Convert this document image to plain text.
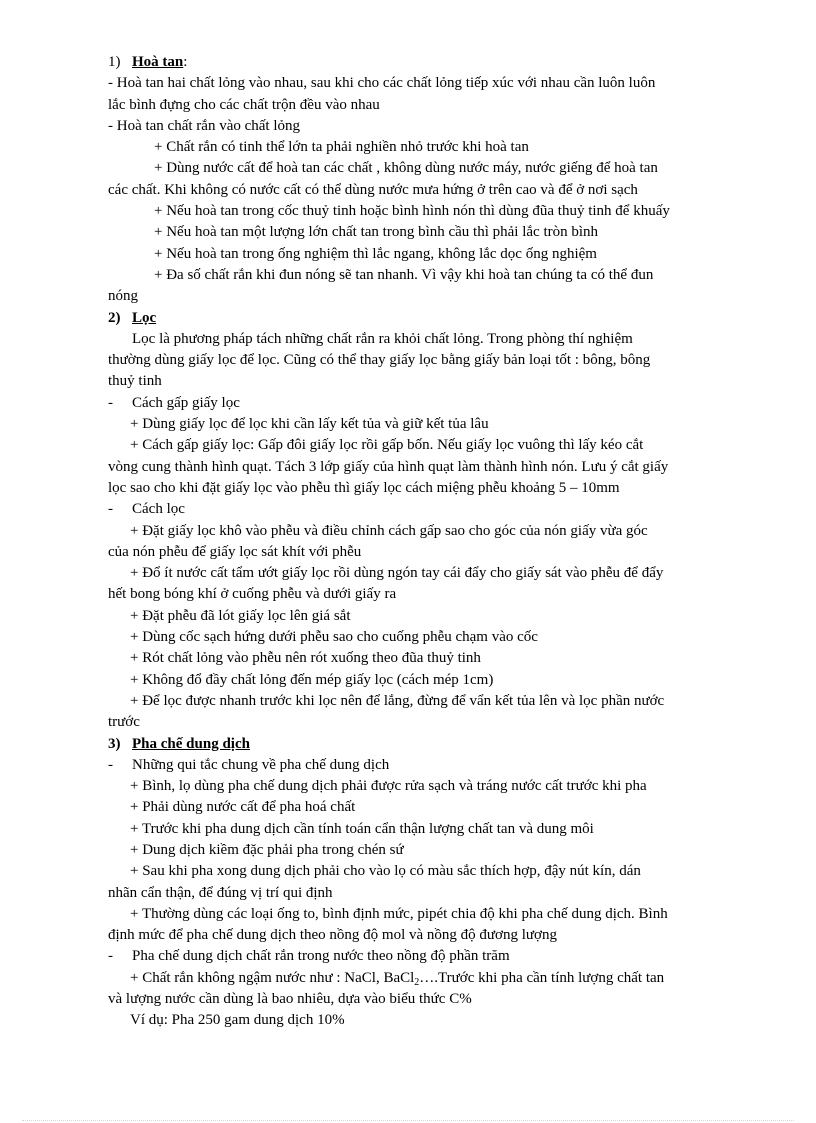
1) Hoà tan:
- Hoà tan hai chất lỏng vào nhau, sau khi cho các chất lỏng tiếp xúc với nhau cần luôn luôn
lắc bình đựng cho các chất trộn đều vào nhau
- Hoà tan chất rắn vào chất lỏng
+ Chất rắn có tinh thể lớn ta phải nghiền nhỏ trước khi hoà tan
+ Dùng nước cất để hoà tan các chất , không dùng nước máy, nước giếng để hoà tan
các chất. Khi không có nước cất có thể dùng nước mưa hứng ở trên cao và để ở nơi sạch
+ Nếu hoà tan trong cốc thuỷ tinh hoặc bình hình nón thì dùng đũa thuỷ tinh để khuấy
+ Nếu hoà tan một lượng lớn chất tan trong bình cầu thì phải lắc tròn bình
+ Nếu hoà tan trong ống nghiệm thì lắc ngang, không lắc dọc ống nghiệm
+ Đa số chất rắn khi đun nóng sẽ tan nhanh. Vì vậy khi hoà tan chúng ta có thể đun
nóng
2) Lọc
Lọc là phương pháp tách những chất rắn ra khỏi chất lỏng. Trong phòng thí nghiệm
thường dùng giấy lọc để lọc. Cũng có thể thay giấy lọc bằng giấy bản loại tốt : bông, bông
thuỷ tinh
- Cách gấp giấy lọc
+ Dùng giấy lọc để lọc khi cần lấy kết tủa và giữ kết tủa lâu
+ Cách gấp giấy lọc: Gấp đôi giấy lọc rồi gấp bốn. Nếu giấy lọc vuông thì lấy kéo cắt
vòng cung thành hình quạt. Tách 3 lớp giấy của hình quạt làm thành hình nón. Lưu ý cắt giấy
lọc sao cho khi đặt giấy lọc vào phễu thì giấy lọc cách miệng phễu khoảng 5 – 10mm
- Cách lọc
+ Đặt giấy lọc khô vào phễu và điều chỉnh cách gấp sao cho góc của nón giấy vừa góc
của nón phễu để giấy lọc sát khít với phễu
+ Đổ ít nước cất tẩm ướt giấy lọc rồi dùng ngón tay cái đẩy cho giấy sát vào phễu để đẩy
hết bong bóng khí ở cuống phễu và dưới giấy ra
+ Đặt phễu đã lót giấy lọc lên giá sắt
+ Dùng cốc sạch hứng dưới phễu sao cho cuống phễu chạm vào cốc
+ Rót chất lỏng vào phễu nên rót xuống theo đũa thuỷ tinh
+ Không đổ đầy chất lỏng đến mép giấy lọc (cách mép 1cm)
+ Để lọc được nhanh trước khi lọc nên để lắng, đừng để vẩn kết tủa lên và lọc phần nước
trước
3) Pha chế dung dịch
- Những qui tắc chung về pha chế dung dịch
+ Bình, lọ dùng pha chế dung dịch phải được rửa sạch và tráng nước cất trước khi pha
+ Phải dùng nước cất để pha hoá chất
+ Trước khi pha dung dịch cần tính toán cẩn thận lượng chất tan và dung môi
+ Dung dịch kiềm đặc phải pha trong chén sứ
+ Sau khi pha xong dung dịch phải cho vào lọ có màu sắc thích hợp, đậy nút kín, dán
nhãn cẩn thận, để đúng vị trí qui định
+ Thường dùng các loại ống to, bình định mức, pipét chia độ khi pha chế dung dịch. Bình
định mức để pha chế dung dịch theo nồng độ mol và nồng độ đương lượng
- Pha chế dung dịch chất rắn trong nước theo nồng độ phần trăm
+ Chất rắn không ngậm nước như : NaCl, BaCl$_2$….Trước khi pha cần tính lượng chất tan
và lượng nước cần dùng là bao nhiêu, dựa vào biểu thức C%
Ví dụ: Pha 250 gam dung dịch 10%
